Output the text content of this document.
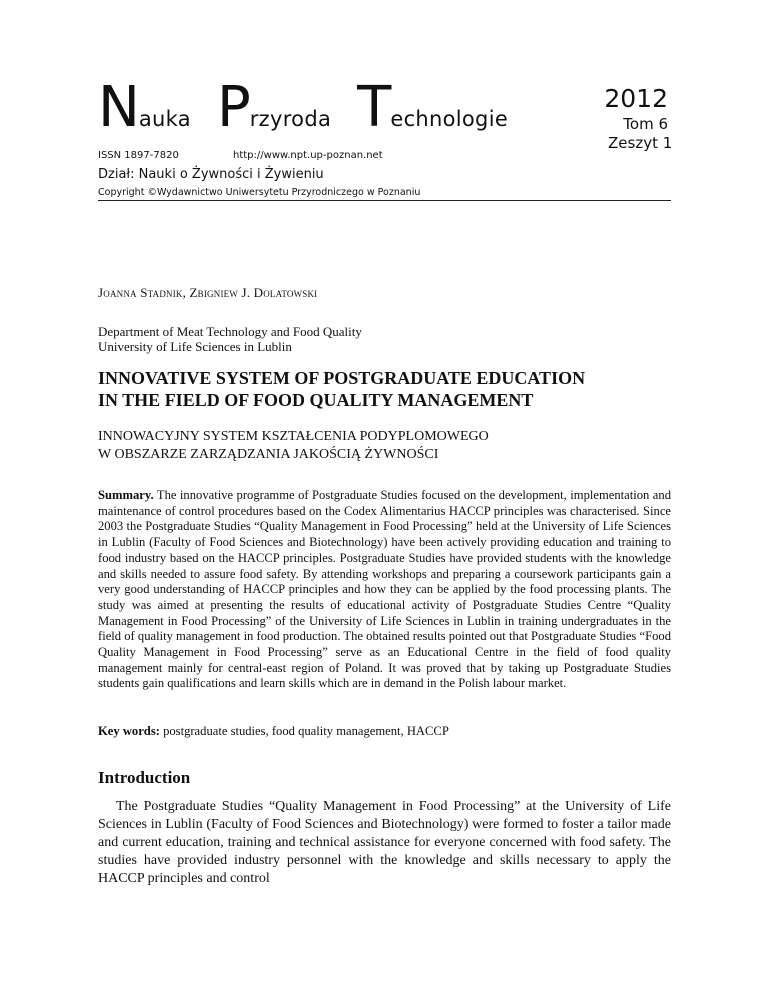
Nauka Przyroda Technologie
ISSN 1897-7820	http://www.npt.up-poznan.net
Dział: Nauki o Żywności i Żywieniu
Copyright ©Wydawnictwo Uniwersytetu Przyrodniczego w Poznaniu
2012
Tom 6
Zeszyt 1
Joanna Stadnik, Zbigniew J. Dolatowski
Department of Meat Technology and Food Quality
University of Life Sciences in Lublin
INNOVATIVE SYSTEM OF POSTGRADUATE EDUCATION
IN THE FIELD OF FOOD QUALITY MANAGEMENT
INNOWACYJNY SYSTEM KSZTAŁCENIA PODYPLOMOWEGO
W OBSZARZE ZARZĄDZANIA JAKOŚCIĄ ŻYWNOŚCI

Summary. The innovative programme of Postgraduate Studies focused on the development, implementation and maintenance of control procedures based on the Codex Alimentarius HACCP principles was characterised. Since 2003 the Postgraduate Studies “Quality Management in Food Processing” held at the University of Life Sciences in Lublin (Faculty of Food Sciences and Biotechnology) have been actively providing education and training to food industry based on the HACCP principles. Postgraduate Studies have provided students with the knowledge and skills needed to assure food safety. By attending workshops and preparing a coursework participants gain a very good understanding of HACCP principles and how they can be applied by the food processing plants. The study was aimed at presenting the results of educational activity of Postgraduate Studies Centre “Quality Management in Food Processing” of the University of Life Sciences in Lublin in training undergraduates in the field of quality management in food production. The obtained results pointed out that Postgraduate Studies “Food Quality Management in Food Processing” serve as an Educational Centre in the field of food quality management mainly for central-east region of Poland. It was proved that by taking up Postgraduate Studies students gain qualifications and learn skills which are in demand in the Polish labour market.

Key words: postgraduate studies, food quality management, HACCP

Introduction

The Postgraduate Studies “Quality Management in Food Processing” at the University of Life Sciences in Lublin (Faculty of Food Sciences and Biotechnology) were formed to foster a tailor made and current education, training and technical assistance for everyone concerned with food safety. The studies have provided industry personnel with the knowledge and skills necessary to apply the HACCP principles and control
